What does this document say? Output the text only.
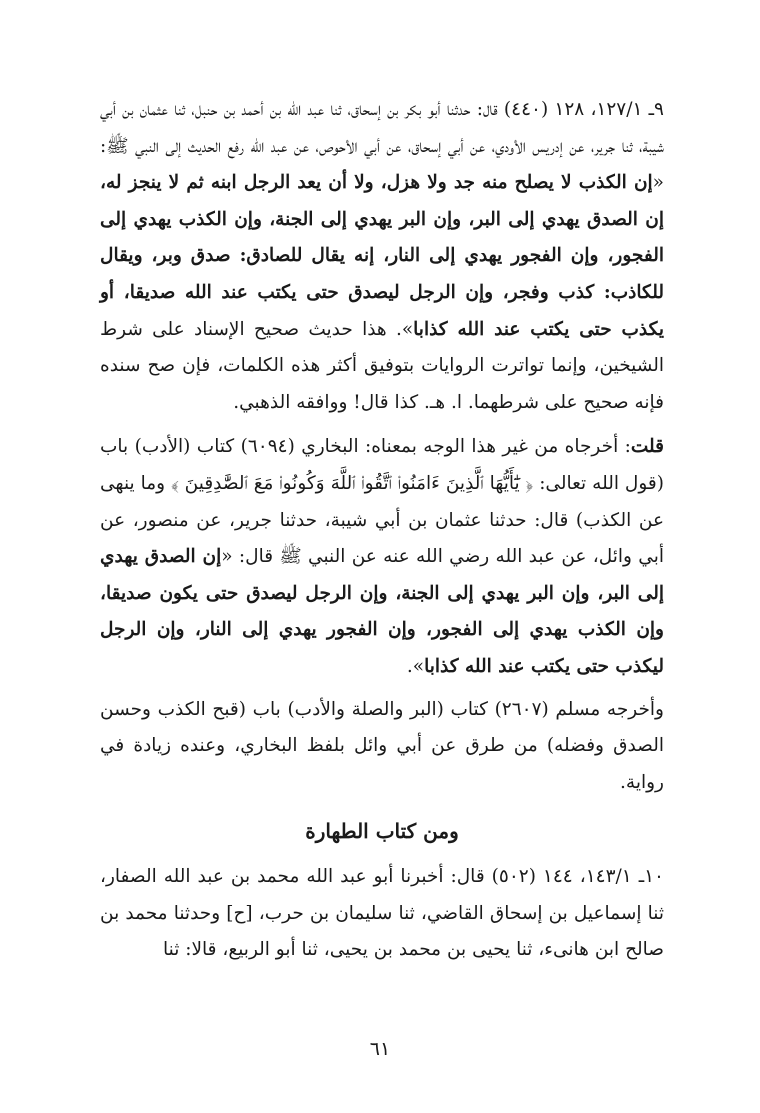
٩ـ ١٢٧/١، ١٢٨ (٤٤٠) قال: حدثنا أبو بكر بن إسحاق، ثنا عبد الله بن أحمد بن حنبل، ثنا عثمان بن أبي شيبة، ثنا جرير، عن إدريس الأودي، عن أبي إسحاق، عن أبي الأحوص، عن عبد الله رفع الحديث إلى النبي ﷺ: «إن الكذب لا يصلح منه جد ولا هزل، ولا أن يعد الرجل ابنه ثم لا ينجز له، إن الصدق يهدي إلى البر، وإن البر يهدي إلى الجنة، وإن الكذب يهدي إلى الفجور، وإن الفجور يهدي إلى النار، إنه يقال للصادق: صدق وبر، ويقال للكاذب: كذب وفجر، وإن الرجل ليصدق حتى يكتب عند الله صديقا، أو يكذب حتى يكتب عند الله كذابا». هذا حديث صحيح الإسناد على شرط الشيخين، وإنما تواترت الروايات بتوفيق أكثر هذه الكلمات، فإن صح سنده فإنه صحيح على شرطهما. ا. هـ. كذا قال! ووافقه الذهبي.

قلت: أخرجاه من غير هذا الوجه بمعناه: البخاري (٦٠٩٤) كتاب (الأدب) باب (قول الله تعالى: ﴿ يَٰٓأَيُّهَا ٱلَّذِينَ ءَامَنُوا۟ ٱتَّقُوا۟ ٱللَّهَ وَكُونُوا۟ مَعَ ٱلصَّٰدِقِينَ ﴾ وما ينهى عن الكذب) قال: حدثنا عثمان بن أبي شيبة، حدثنا جرير، عن منصور، عن أبي وائل، عن عبد الله رضي الله عنه عن النبي ﷺ قال: «إن الصدق يهدي إلى البر، وإن البر يهدي إلى الجنة، وإن الرجل ليصدق حتى يكون صديقا، وإن الكذب يهدي إلى الفجور، وإن الفجور يهدي إلى النار، وإن الرجل ليكذب حتى يكتب عند الله كذابا».

وأخرجه مسلم (٢٦٠٧) كتاب (البر والصلة والأدب) باب (قبح الكذب وحسن الصدق وفضله) من طرق عن أبي وائل بلفظ البخاري، وعنده زيادة في رواية.

ومن كتاب الطهارة

١٠ـ ١٤٣/١، ١٤٤ (٥٠٢) قال: أخبرنا أبو عبد الله محمد بن عبد الله الصفار، ثنا إسماعيل بن إسحاق القاضي، ثنا سليمان بن حرب، [ح] وحدثنا محمد بن صالح ابن هانىء، ثنا يحيى بن محمد بن يحيى، ثنا أبو الربيع، قالا: ثنا

٦١
